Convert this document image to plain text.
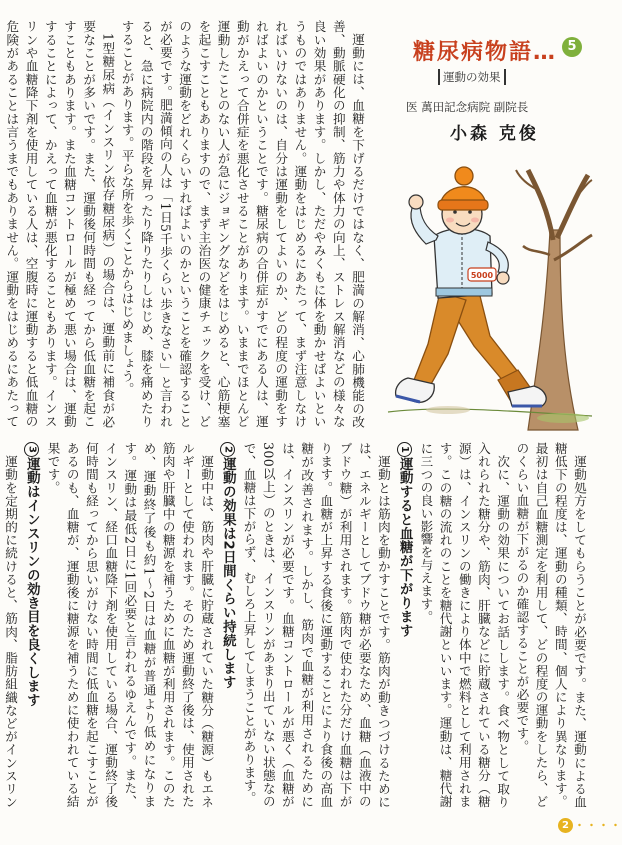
糖尿病物語… 5
運動の効果
医 萬田記念病院 副院長
小森 克俊
5000

運動には、血糖を下げるだけではなく、肥満の解消、心肺機能の改善、動脈硬化の抑制、筋力や体力の向上、ストレス解消などの様々な良い効果があります。しかし、ただやみくもに体を動かせばよいというものではありません。運動をはじめるにあたって、まず注意しなければいけないのは、自分は運動をしてよいのか、どの程度の運動をすればよいのかということです。糖尿病の合併症がすでにある人は、運動がかえって合併症を悪化させることがあります。いままでほとんど運動したことのない人が急にジョギングなどをはじめると、心筋梗塞を起こすこともありますので、まず主治医の健康チェックを受け、どのような運動をどれくらいすればよいのかということを確認することが必要です。肥満傾向の人は「1日5千歩くらい歩きなさい」と言われると、急に病院内の階段を昇ったり降りたりしはじめ、膝を痛めたりすることがあります。平らな所を歩くことからはじめましょう。

1型糖尿病（インスリン依存糖尿病）の場合は、運動前に補食が必要なことが多いです。また、運動後何時間も経ってから低血糖を起こすこともあります。また血糖コントロールが極めて悪い場合は、運動することによって、かえって血糖が悪化することもあります。インスリンや血糖降下剤を使用している人は、空腹時に運動すると低血糖の危険があることは言うまでもありません。運動をはじめるにあたって

運動処方をしてもらうことが必要です。また、運動による血糖低下の程度は、運動の種類、時間、個人により異なります。最初は自己血糖測定を利用して、どの程度の運動をしたら、どのくらい血糖が下がるのか確認することが必要です。

次に、運動の効果についてお話しします。食べ物として取り入れられた糖分や、筋肉、肝臓などに貯蔵されている糖分（糖源）は、インスリンの働きにより体中で燃料として利用されます。この糖の流れのことを糖代謝といいます。運動は、糖代謝に三つの良い影響を与えます。

1運動すると血糖が下がります

運動とは筋肉を動かすことです。筋肉が動きつづけるためには、エネルギーとしてブドウ糖が必要なため、血糖（血液中のブドウ糖）が利用されます。筋肉で使われた分だけ血糖は下がります。血糖が上昇する食後に運動することにより食後の高血糖が改善されます。しかし、筋肉で血糖が利用されるためには、インスリンが必要です。血糖コントロールが悪く（血糖が300以上）のときは、インスリンがあまり出ていない状態なので、血糖は下がらず、むしろ上昇してしまうことがあります。

2運動の効果は2日間くらい持続します

運動中は、筋肉や肝臓に貯蔵されていた糖分（糖源）もエネルギーとして使われます。そのため運動終了後は、使用された筋肉や肝臓中の糖源を補うために血糖が利用されます。このため、運動終了後も約1〜2日は血糖が普通より低めになります。運動は最低2日に1回必要と言われるゆえんです。また、インスリン、経口血糖降下剤を使用している場合、運動終了後何時間も経ってから思いがけない時間に低血糖を起こすことがあるのも、血糖が、運動後に糖源を補うために使われている結果です。

3運動はインスリンの効き目を良くします

運動を定期的に続けると、筋肉、脂肪組織などがインスリン

2 ・・・・
